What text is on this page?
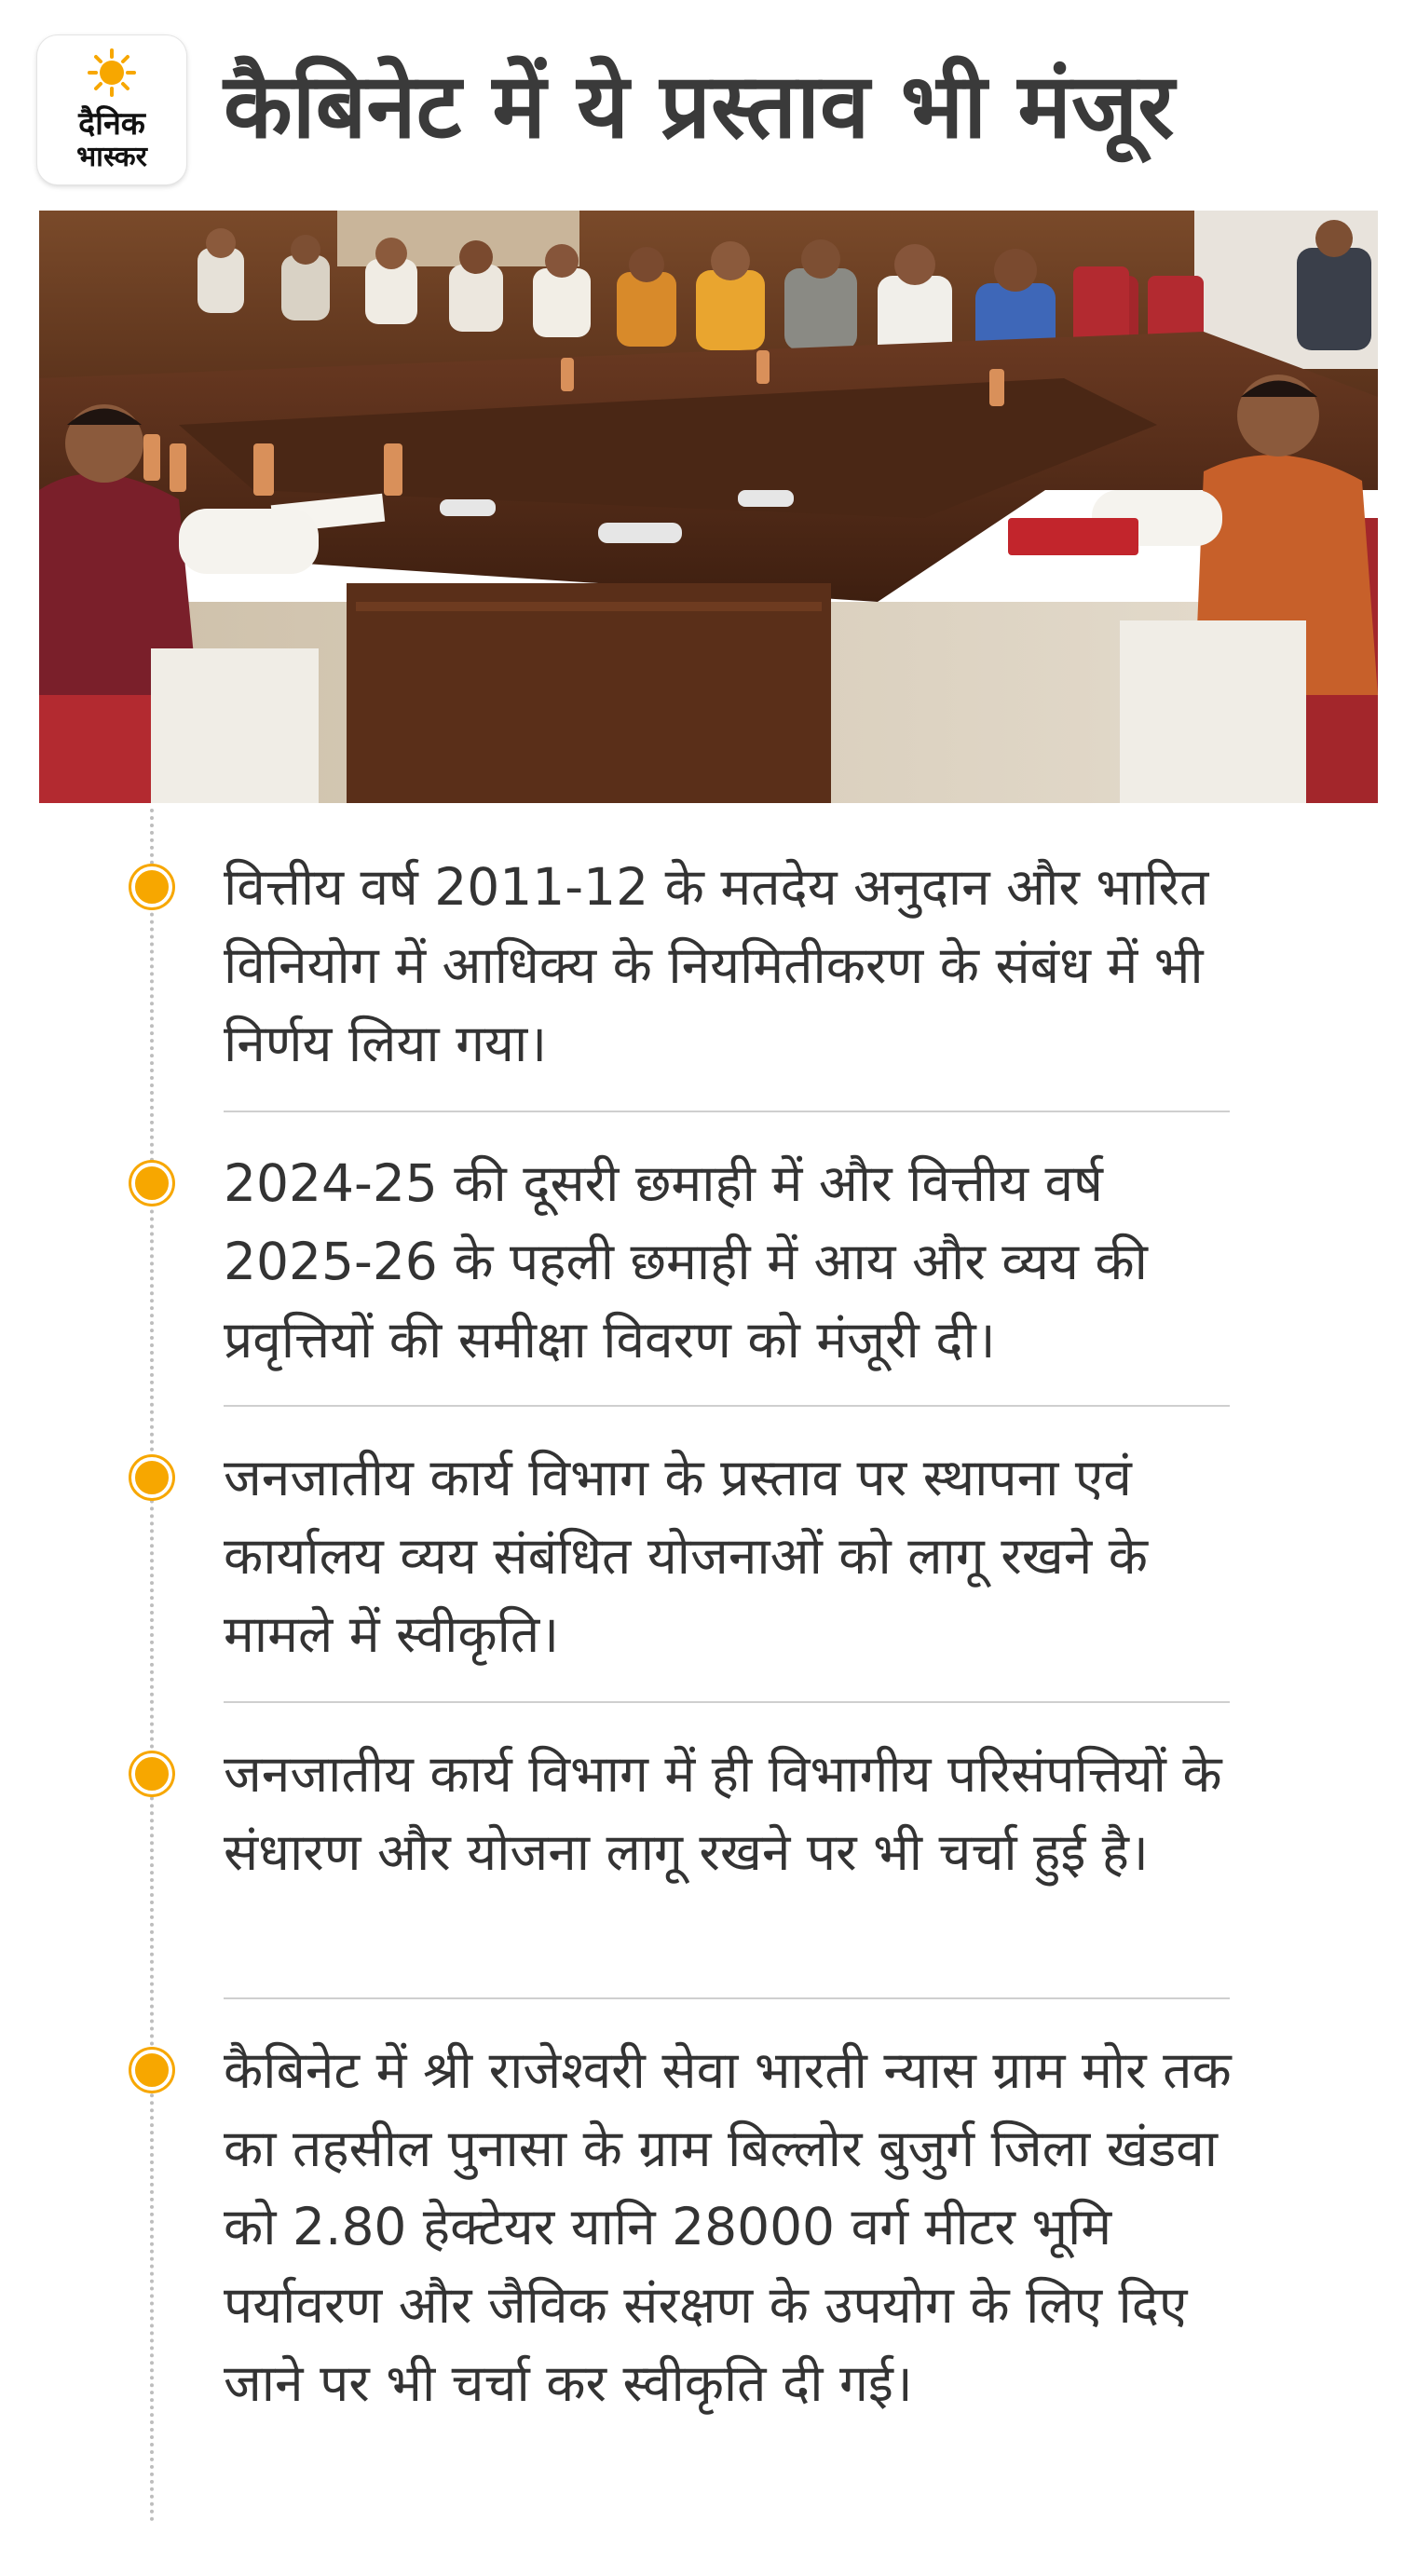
दैनिक
भास्कर कैबिनेट में ये प्रस्ताव भी मंजूर
वित्तीय वर्ष 2011-12 के मतदेय अनुदान और भारित विनियोग में आधिक्य के नियमितीकरण के संबंध में भी निर्णय लिया गया।
2024-25 की दूसरी छमाही में और वित्तीय वर्ष 2025-26 के पहली छमाही में आय और व्यय की प्रवृत्तियों की समीक्षा विवरण को मंजूरी दी।
जनजातीय कार्य विभाग के प्रस्ताव पर स्थापना एवं कार्यालय व्यय संबंधित योजनाओं को लागू रखने के मामले में स्वीकृति।
जनजातीय कार्य विभाग में ही विभागीय परिसंपत्तियों के संधारण और योजना लागू रखने पर भी चर्चा हुई है।
कैबिनेट में श्री राजेश्वरी सेवा भारती न्यास ग्राम मोर तक का तहसील पुनासा के ग्राम बिल्लोर बुजुर्ग जिला खंडवा को 2.80 हेक्टेयर यानि 28000 वर्ग मीटर भूमि पर्यावरण और जैविक संरक्षण के उपयोग के लिए दिए जाने पर भी चर्चा कर स्वीकृति दी गई।
